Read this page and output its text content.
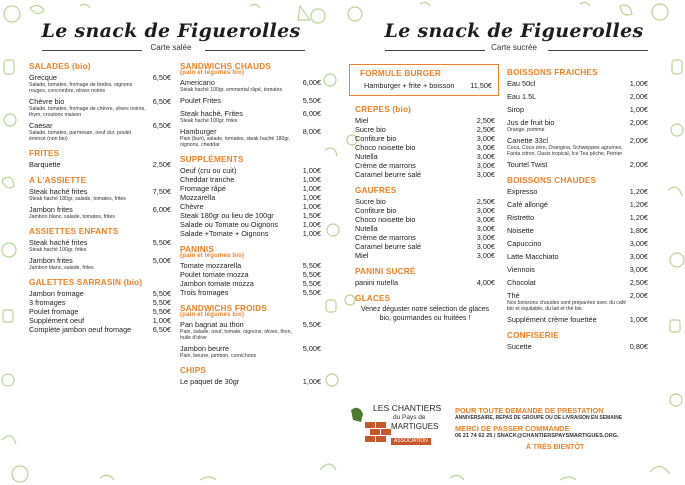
Le snack de Figuerolles
Carte salée
SALADES (bio)
Grecque	6,50€
Salade, tomates, fromage de brebis, oignons rouges, concombre, olives noires
Chèvre bio	6,50€
Salade, tomates, fromage de chèvre, olives noires, thym, croutons maison
Caesar	6,50€
Salade, tomates, parmesan, oeuf dur, poulet émincé (non bio)
FRITES
Barquette	2,50€
A L'ASSIETTE
Steak haché frites	7,50€
Steak haché 180gr, salade, tomates, frites
Jambon frites	6,00€
Jambon blanc, salade, tomates, frites
ASSIETTES ENFANTS
Steak haché frites	5,50€
Steak haché 100gr, frites
Jambon frites	5,00€
Jambon blanc, salade, frites
GALETTES SARRASIN (bio)
Jambon fromage	5,50€
3 fromages	5,50€
Poulet fromage	5,50€
Supplément oeuf	1,00€
Complète jambon oeuf fromage	6,50€
SANDWICHS CHAUDS
(pain et légumes bio)
Americano	6,00€
Steak haché 100gr, emmental râpé, tomates
Poulet Frites	5,50€
Steak haché, Frites	6,00€
Steak haché 100gr, frites
Hamburger	8,00€
Pain (bun), salade, tomates, steak haché 180gr, oignons, cheddar
SUPPLÉMENTS
Oeuf (cru ou cuit)	1,00€
Cheddar tranche	1,00€
Fromage râpé	1,00€
Mozzarella	1,00€
Chèvre	1,00€
Steak 180gr ou lieu de 100gr	1,50€
Salade ou Tomate ou Oignons	1,00€
Salade +Tomate + Oignons	1,00€
PANINIS
(pain et légumes bio)
Tomate mozzarella	5,50€
Poulet tomate mozza	5,50€
Jambon tomate mozza	5,50€
Trois fromages	5,50€
SANDWICHS FROIDS
(pain et légumes bio)
Pan bagnat au thon	5,50€
Pain, salade, oeuf, tomate, oignons, olives, thon, huile d'olive
Jambon beurre	5,00€
Pain, beurre, jambon, cornichons
CHIPS
Le paquet de 30gr	1,00€
Le snack de Figuerolles
Carte sucrée
FORMULE BURGER
Hamburger + frite + boisson 11,50€
CREPES (bio)
Miel	2,50€
Sucre bio	2,50€
Confiture bio	3,00€
Choco noisette bio	3,00€
Nutella	3,00€
Crème de marrons	3,00€
Caramel beurre salé	3,00€
GAUFRES
Sucre bio	2,50€
Confiture bio	3,00€
Choco noisette bio	3,00€
Nutella	3,00€
Crème de marrons	3,00€
Caramel beurre salé	3,00€
Miel	3,00€
PANINI SUCRÉ
panini nutella	4,00€
GLACES
Venez déguster notre sélection de glaces bio, gourmandes ou fruitées !
BOISSONS FRAICHES
Eau 50cl	1,00€
Eau 1.5L	2,00€
Sirop	1,00€
Jus de fruit bio	2,00€
Orange, pomme
Canette 33cl	2,00€
Coca, Coca zéro, Orangina, Schweppes agrumes, Fanta citron, Oasis tropical, Ice Tea pêche, Perrier
Tourtel Twist	2,00€
BOISSONS CHAUDES
Expresso	1,20€
Café allongé	1,20€
Ristretto	1,20€
Noisette	1,80€
Capuccino	3,00€
Latte Macchiato	3,00€
Viennois	3,00€
Chocolat	2,50€
Thé	2,00€
Nos boissons chaudes sont préparées avec du café bio et équitable, du lait et thé bio.
Supplément crème fouettée	1,00€
CONFISERIE
Sucette	0,80€
LES CHANTIERS
du Pays de
MARTIGUES
ASSOCIATION
POUR TOUTE DEMANDE DE PRESTATION
ANNIVERSAIRE, REPAS DE GROUPE OU DE LIVRAISON EN SEMAINE
MERCI DE PASSER COMMANDE
06 21 74 62 25 / SNACK@CHANTIERSPAYSMARTIGUES.ORG.
À TRÈS BIENTÔT
